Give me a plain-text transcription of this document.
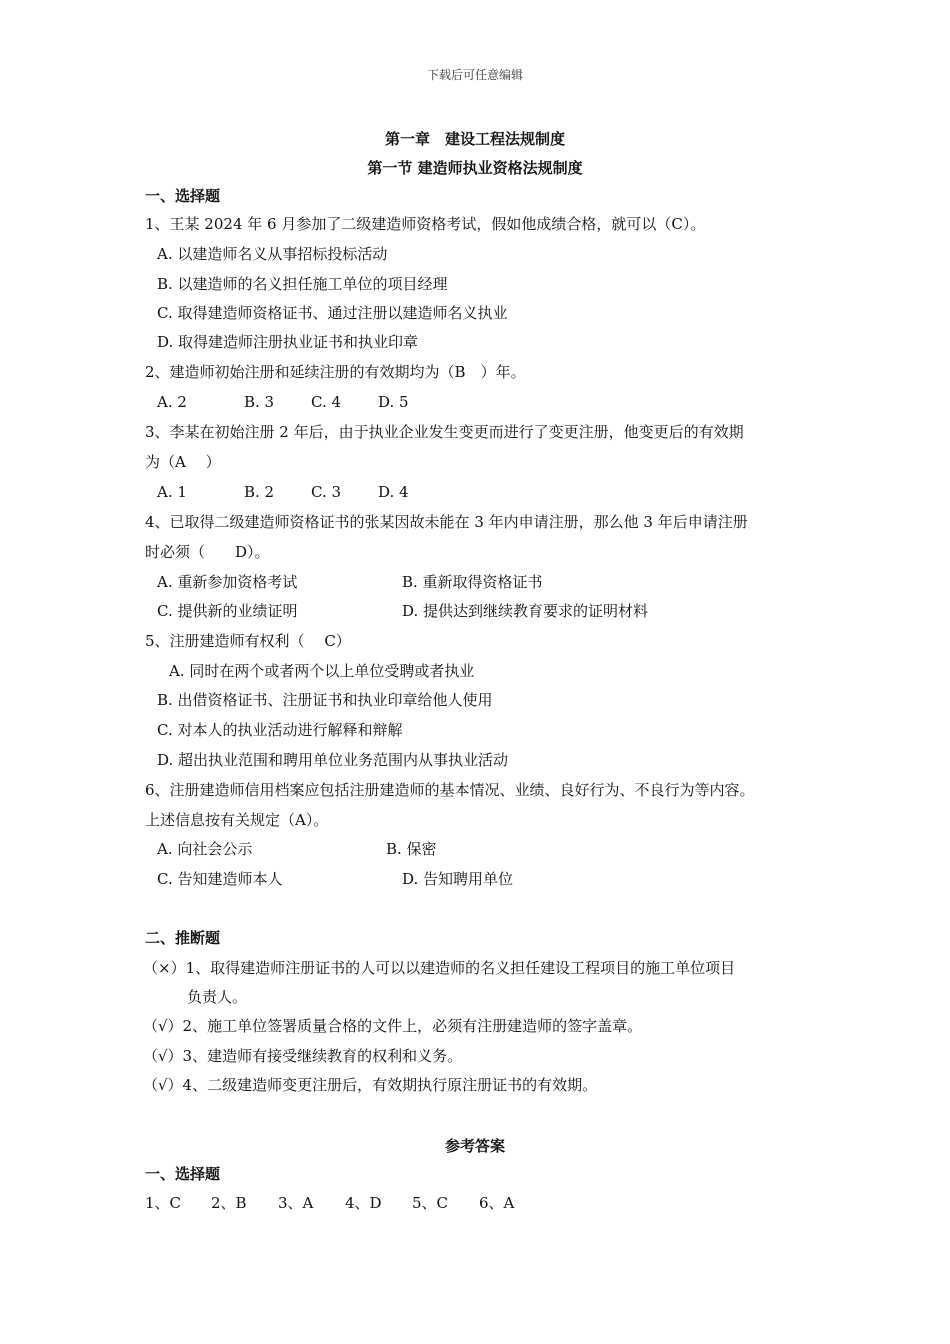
下载后可任意编辑
第一章　建设工程法规制度
第一节 建造师执业资格法规制度
一、选择题
1、王某 2024 年 6 月参加了二级建造师资格考试，假如他成绩合格，就可以（C）。
A. 以建造师名义从事招标投标活动
B. 以建造师的名义担任施工单位的项目经理
C. 取得建造师资格证书、通过注册以建造师名义执业
D. 取得建造师注册执业证书和执业印章
2、建造师初始注册和延续注册的有效期均为（B　）年。
A. 2	B. 3 C. 4 D. 5
3、李某在初始注册 2 年后，由于执业企业发生变更而进行了变更注册，他变更后的有效期
为（A　 ）
A. 1	B. 2 C. 3 D. 4
4、已取得二级建造师资格证书的张某因故未能在 3 年内申请注册，那么他 3 年后申请注册
时必须（　　D）。
A. 重新参加资格考试	B. 重新取得资格证书
C. 提供新的业绩证明	D. 提供达到继续教育要求的证明材料
5、注册建造师有权利（　 C）
A. 同时在两个或者两个以上单位受聘或者执业
B. 出借资格证书、注册证书和执业印章给他人使用
C. 对本人的执业活动进行解释和辩解
D. 超出执业范围和聘用单位业务范围内从事执业活动
6、注册建造师信用档案应包括注册建造师的基本情况、业绩、良好行为、不良行为等内容。
上述信息按有关规定（A）。
A. 向社会公示	B. 保密
C. 告知建造师本人	D. 告知聘用单位
二、推断题
（×）1、取得建造师注册证书的人可以以建造师的名义担任建设工程项目的施工单位项目
负责人。
（√）2、施工单位签署质量合格的文件上，必须有注册建造师的签字盖章。
（√）3、建造师有接受继续教育的权利和义务。
（√）4、二级建造师变更注册后，有效期执行原注册证书的有效期。
参考答案
一、选择题
1、C 2、B 3、A 4、D 5、C 6、A
